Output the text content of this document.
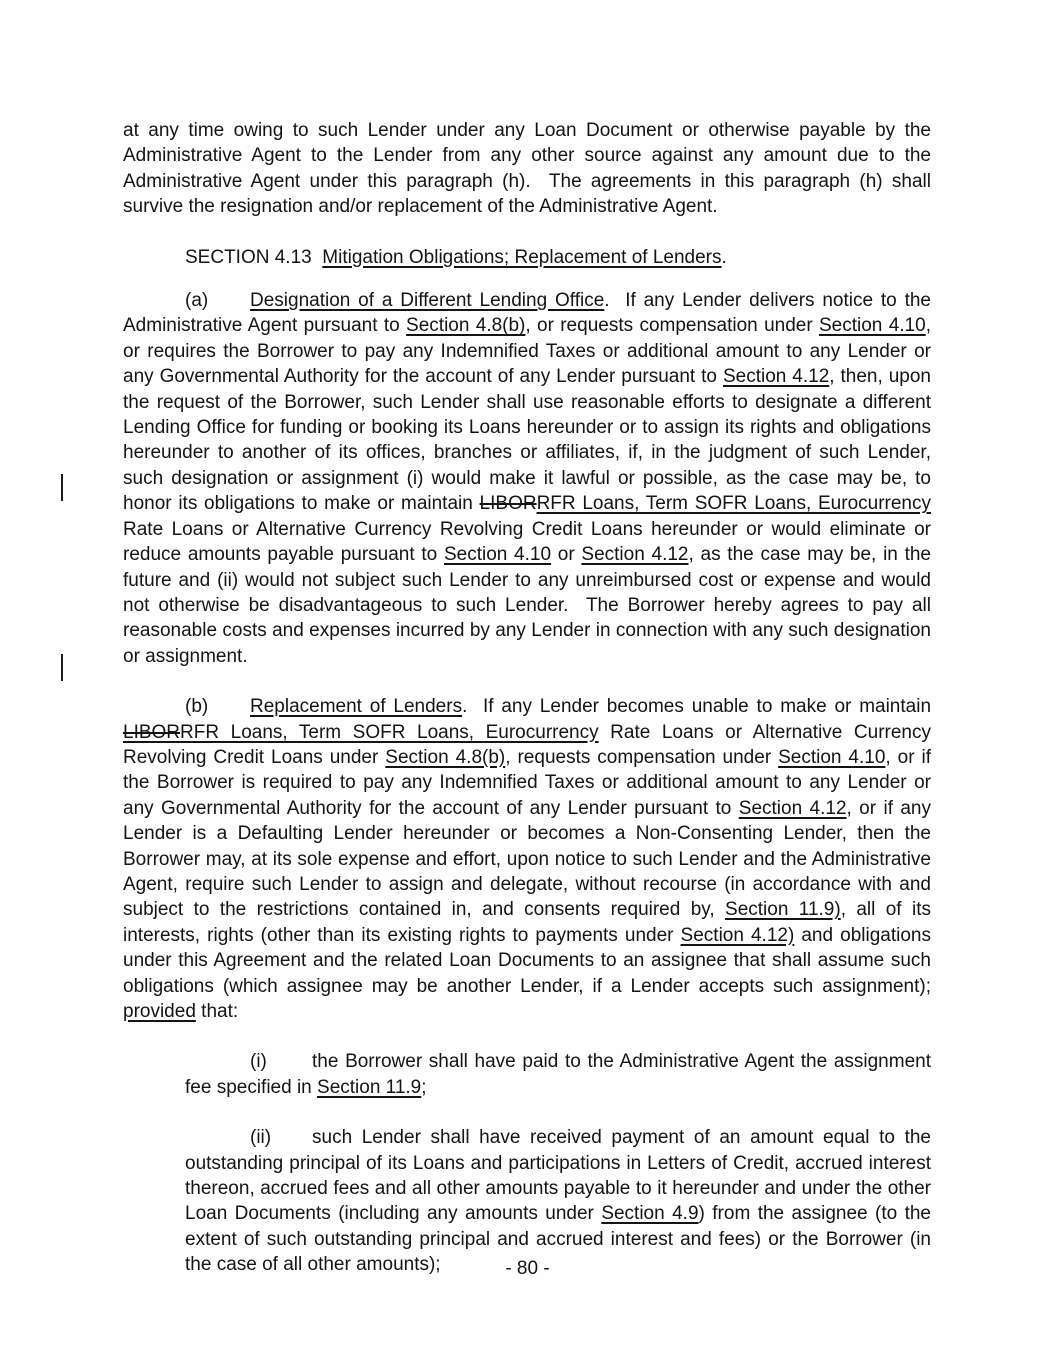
at any time owing to such Lender under any Loan Document or otherwise payable by the Administrative Agent to the Lender from any other source against any amount due to the Administrative Agent under this paragraph (h).  The agreements in this paragraph (h) shall survive the resignation and/or replacement of the Administrative Agent.

SECTION 4.13  Mitigation Obligations; Replacement of Lenders.

(a) Designation of a Different Lending Office.  If any Lender delivers notice to the Administrative Agent pursuant to Section 4.8(b), or requests compensation under Section 4.10, or requires the Borrower to pay any Indemnified Taxes or additional amount to any Lender or any Governmental Authority for the account of any Lender pursuant to Section 4.12, then, upon the request of the Borrower, such Lender shall use reasonable efforts to designate a different Lending Office for funding or booking its Loans hereunder or to assign its rights and obligations hereunder to another of its offices, branches or affiliates, if, in the judgment of such Lender, such designation or assignment (i) would make it lawful or possible, as the case may be, to honor its obligations to make or maintain LIBORRFR Loans, Term SOFR Loans, Eurocurrency Rate Loans or Alternative Currency Revolving Credit Loans hereunder or would eliminate or reduce amounts payable pursuant to Section 4.10 or Section 4.12, as the case may be, in the future and (ii) would not subject such Lender to any unreimbursed cost or expense and would not otherwise be disadvantageous to such Lender.  The Borrower hereby agrees to pay all reasonable costs and expenses incurred by any Lender in connection with any such designation or assignment.

(b) Replacement of Lenders.  If any Lender becomes unable to make or maintain LIBORRFR Loans, Term SOFR Loans, Eurocurrency Rate Loans or Alternative Currency Revolving Credit Loans under Section 4.8(b), requests compensation under Section 4.10, or if the Borrower is required to pay any Indemnified Taxes or additional amount to any Lender or any Governmental Authority for the account of any Lender pursuant to Section 4.12, or if any Lender is a Defaulting Lender hereunder or becomes a Non-Consenting Lender, then the Borrower may, at its sole expense and effort, upon notice to such Lender and the Administrative Agent, require such Lender to assign and delegate, without recourse (in accordance with and subject to the restrictions contained in, and consents required by, Section 11.9), all of its interests, rights (other than its existing rights to payments under Section 4.12) and obligations under this Agreement and the related Loan Documents to an assignee that shall assume such obligations (which assignee may be another Lender, if a Lender accepts such assignment); provided that:

(i) the Borrower shall have paid to the Administrative Agent the assignment fee specified in Section 11.9;

(ii) such Lender shall have received payment of an amount equal to the outstanding principal of its Loans and participations in Letters of Credit, accrued interest thereon, accrued fees and all other amounts payable to it hereunder and under the other Loan Documents (including any amounts under Section 4.9) from the assignee (to the extent of such outstanding principal and accrued interest and fees) or the Borrower (in the case of all other amounts);	- 80 -
